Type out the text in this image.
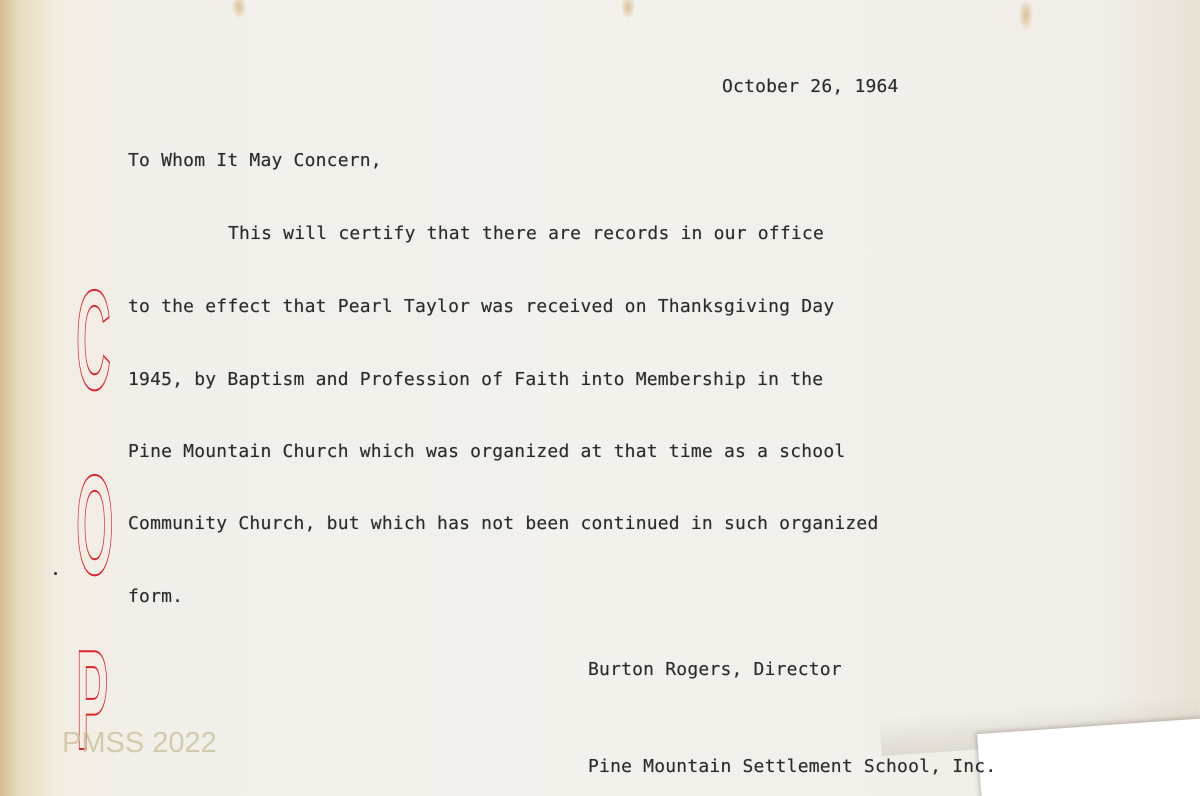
October 26, 1964
To Whom It May Concern,
This will certify that there are records in our office
to the effect that Pearl Taylor was received on Thanksgiving Day
1945, by Baptism and Profession of Faith into Membership in the
Pine Mountain Church which was organized at that time as a school
Community Church, but which has not been continued in such organized
form.
Burton Rogers, Director
Pine Mountain Settlement School, Inc.
C
O
P
PMSS 2022
